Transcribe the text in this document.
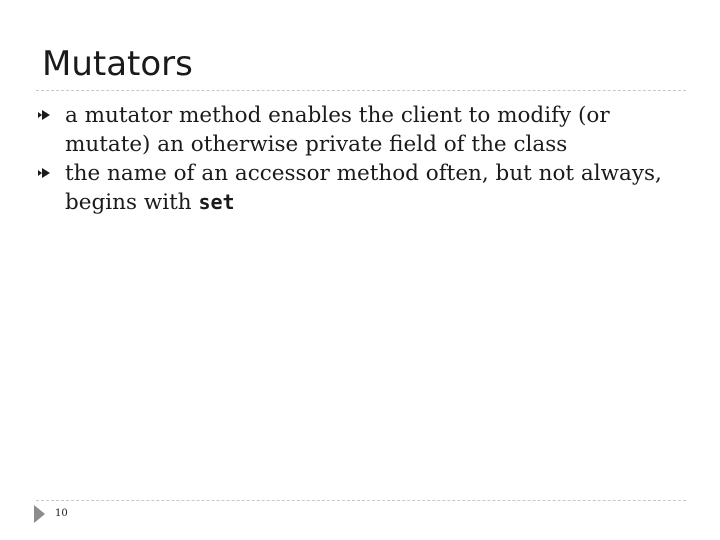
Mutators
a mutator method enables the client to modify (or mutate) an otherwise private field of the class
the name of an accessor method often, but not always, begins with set
10
